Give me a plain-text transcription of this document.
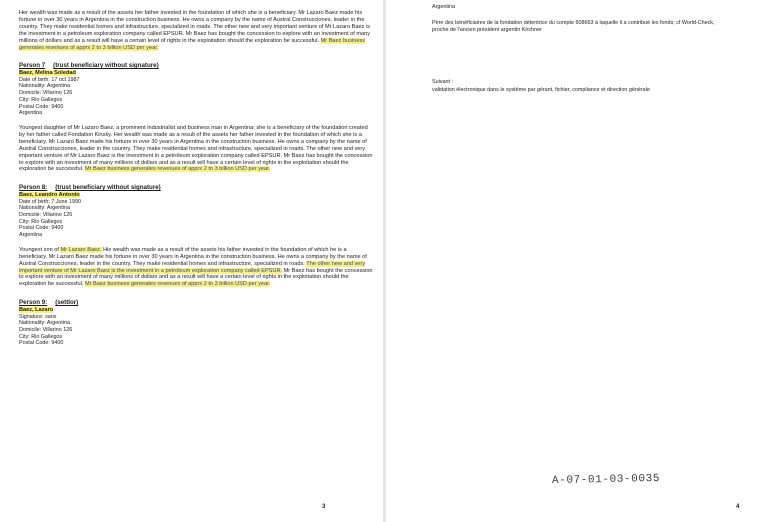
Her wealth was made as a result of the assets her father invested in the foundation of which she is a beneficiary. Mr Lazaro Baez made his fortune in over 30 years in Argentina in the construction business. He owns a company by the name of Austral Construcciones, leader in the country. They make residential homes and infrastructure, specialized in roads. The other new and very important venture of Mr Lazaro Baez is the investment in a petroleum exploration company called EPSUR. Mr Baez has bought the concession to explore with an investment of many millions of dollars and as a result will have a certain level of rights in the exploitation should the exploration be successful. Mr Baez business generates revenues of apprx 2 to 3 billion USD per year.
Person 7 (trust beneficiary without signature)
Baez, Melina Soledad
Date of birth: 17 oct 1987
Nationality: Argentina
Domicile: Villarino 126
City: Rio Gallegos
Postal Code: 9400
Argentina
Youngest daughter of Mr Lazaro Baez, a prominent industrialist and business man in Argentina; she is a beneficiary of the foundation created by her father called Fondation Kinsky. Her wealth was made as a result of the assets her father invested in the foundation of which she is a beneficiary. Mr Lazaro Baez made his fortune in over 30 years in Argentina in the construction business. He owns a company by the name of Austral Construcciones, leader in the country. They make residential homes and infrastructure, specialized in roads. The other new and very important venture of Mr Lazaro Baez is the investment in a petroleum exploration company called EPSUR. Mr Baez has bought the concession to explore with an investment of many millions of dollars and as a result will have a certain level of rights in the exploitation should the exploration be successful. Mr Baez business generates revenues of apprx 2 to 3 billion USD per year.
Person 8: (trust beneficiary without signature)
Baez, Leandro Antonio
Date of birth: 7 June 1990
Nationality: Argentina
Domicile: Villarino 126
City: Rio Gallegos
Postal Code: 9400
Argentina
Youngest son of Mr Lazaro Baez. His wealth was made as a result of the assets his father invested in the foundation of which he is a beneficiary. Mr Lazaro Baez made his fortune in over 30 years in Argentina in the construction business. He owns a company by the name of Austral Construcciones, leader in the country. They make residential homes and infrastructure, specialized in roads. The other new and very important venture of Mr Lazaro Baez is the investment in a petroleum exploration company called EPSUR. Mr Baez has bought the concession to explore with an investment of many millions of dollars and as a result will have a certain level of rights in the exploitation should the exploration be successful. Mr Baez business generates revenues of apprx 2 to 3 billion USD per year.
Person 9: (settlor)
Baez, Lazaro
Signature: sans
Nationality: Argentina
Domicile: Villarino 126
City: Rio Gallegos
Postal Code: 9400
3
Argentina
Père des bénéficiaires de la fondation détentrice du compte 608663 à laquelle il a contribué les fonds; cf World-Check, proche de l'ancien président argentin Kirchner
Suivant :
validation électronique dans le système par gérant, fichier, compliance et direction générale
4
A-07-01-03-0035
